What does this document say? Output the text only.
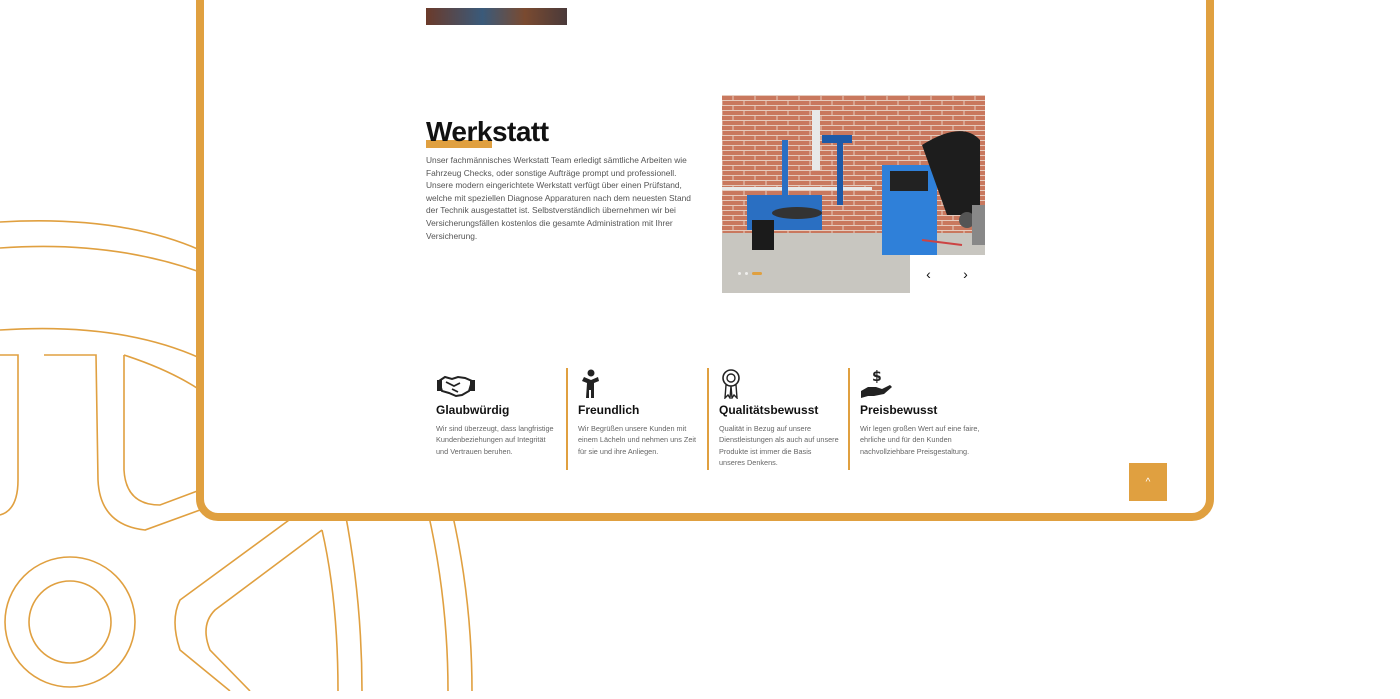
Werkstatt

Unser fachmännisches Werkstatt Team erledigt sämtliche Arbeiten wie Fahrzeug Checks, oder sonstige Aufträge prompt und professionell. Unsere modern eingerichtete Werkstatt verfügt über einen Prüfstand, welche mit speziellen Diagnose Apparaturen nach dem neuesten Stand der Technik ausgestattet ist. Selbstverständlich übernehmen wir bei Versicherungsfällen kostenlos die gesamte Administration mit Ihrer Versicherung.

‹ ›
Glaubwürdig
Wir sind überzeugt, dass langfristige Kundenbeziehungen auf Integrität und Vertrauen beruhen.
Freundlich
Wir Begrüßen unsere Kunden mit einem Lächeln und nehmen uns Zeit für sie und ihre Anliegen.
Qualitätsbewusst
Qualität in Bezug auf unsere Dienstleistungen als auch auf unsere Produkte ist immer die Basis unseres Denkens.
$
Preisbewusst
Wir legen großen Wert auf eine faire, ehrliche und für den Kunden nachvollziehbare Preisgestaltung.
^
